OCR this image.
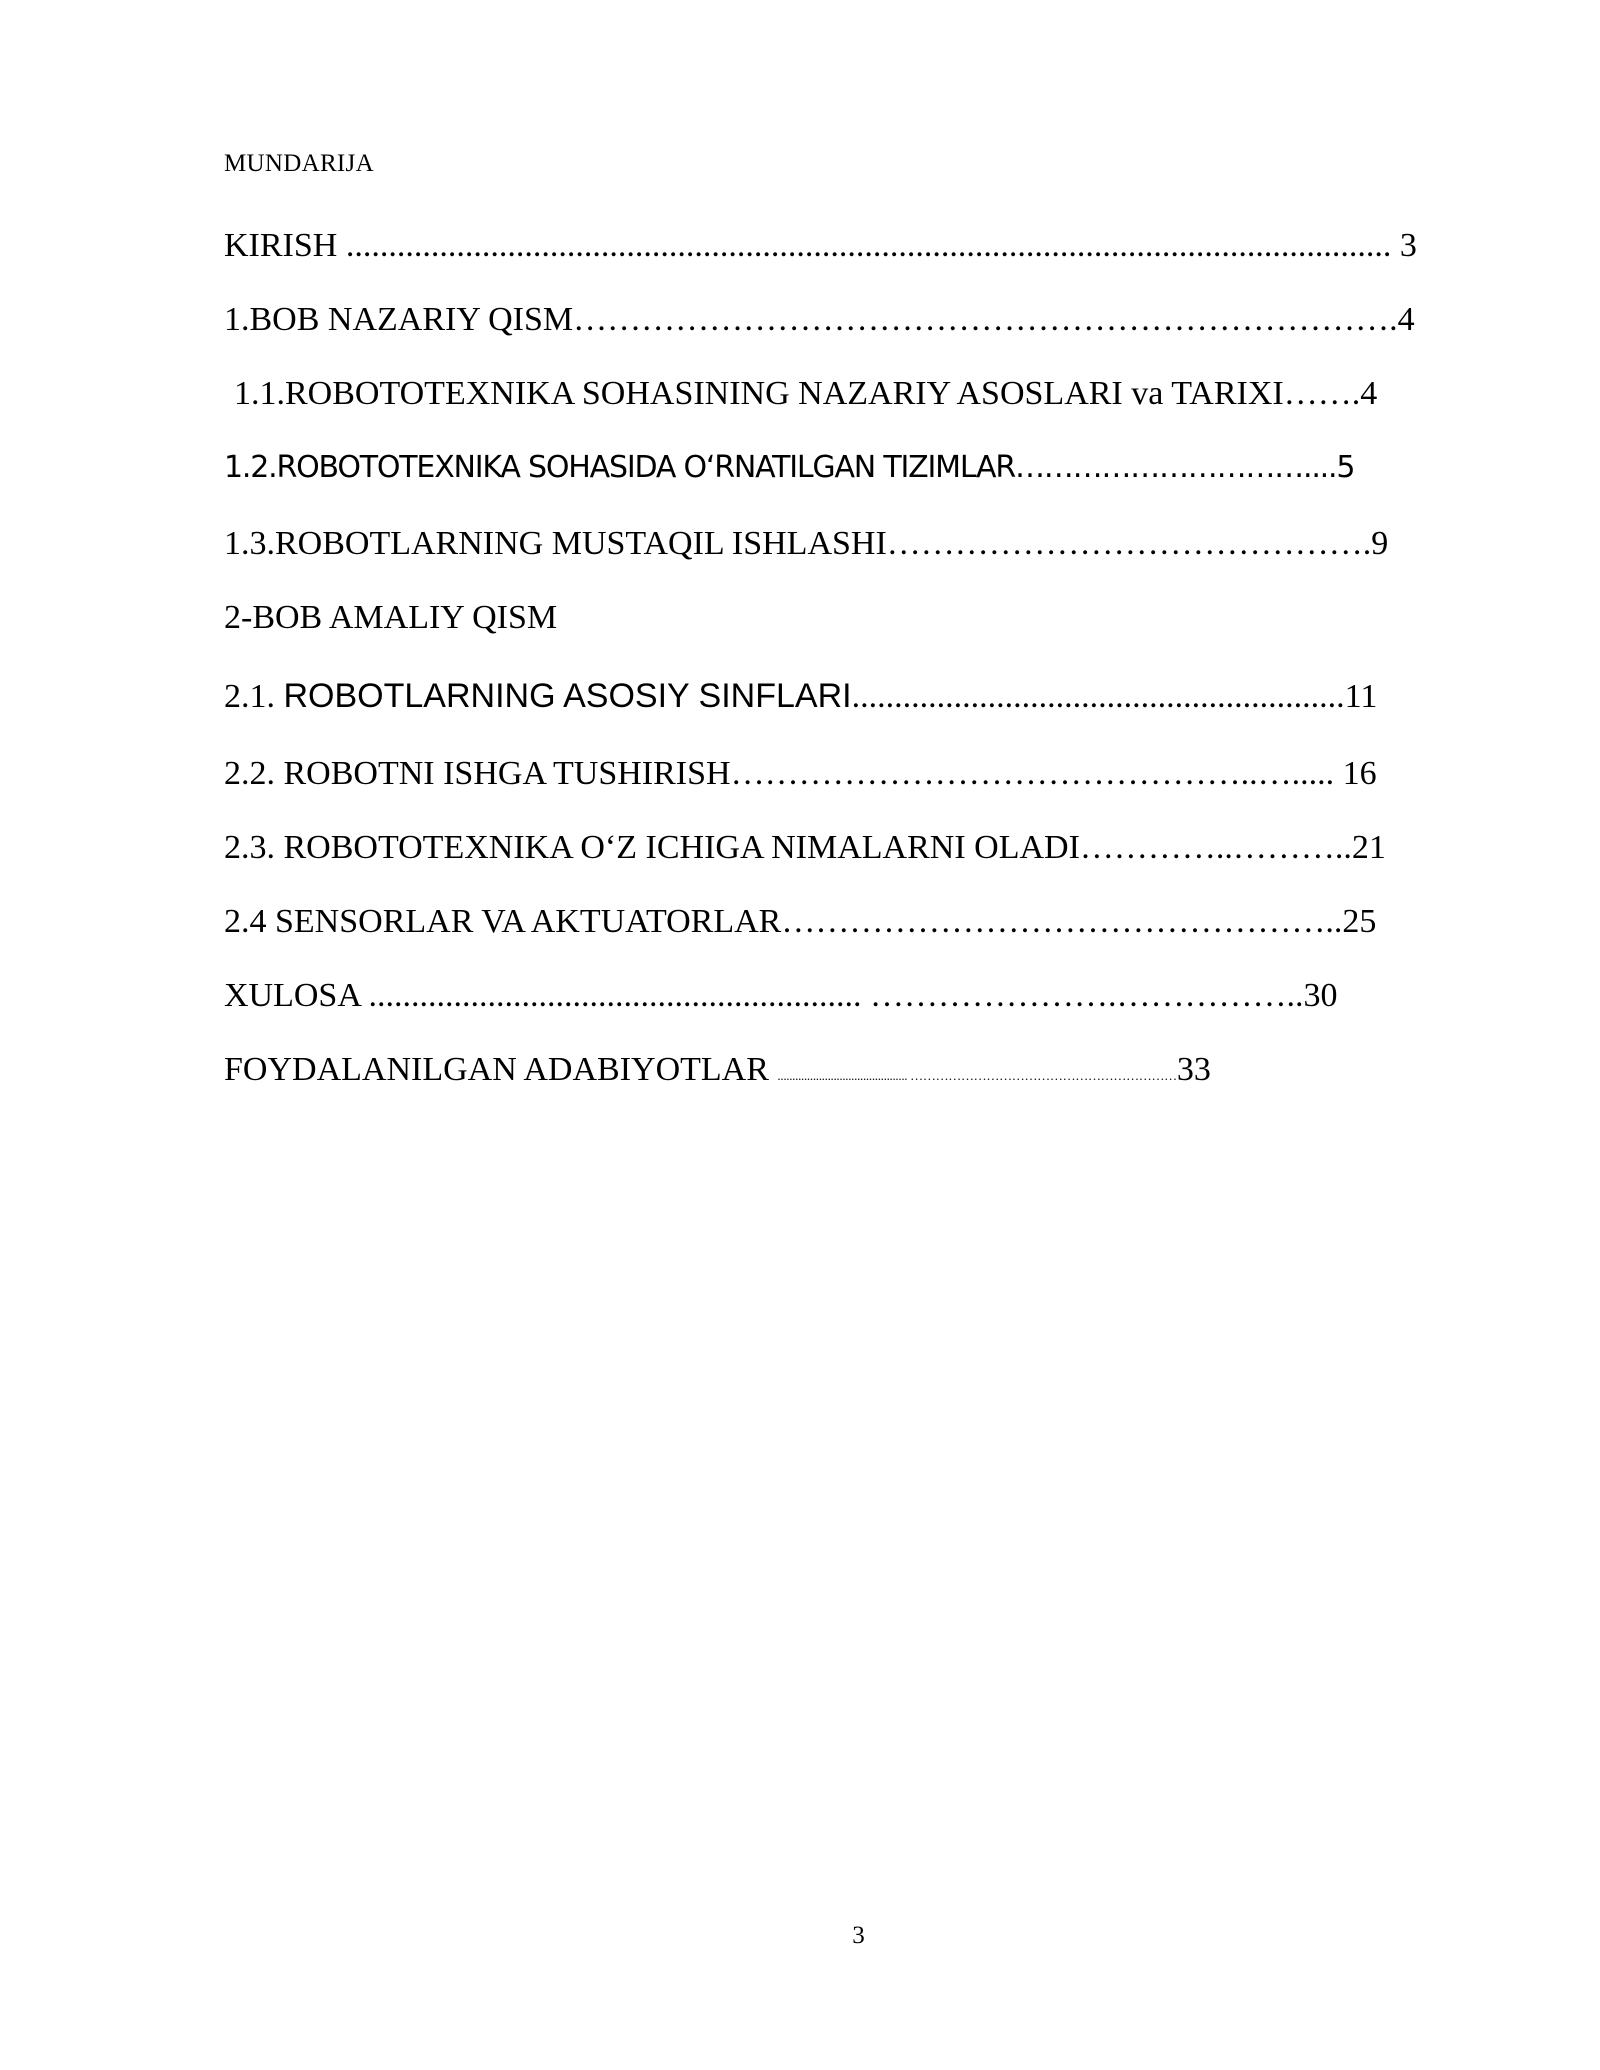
MUNDARIJA
KIRISH ........................................................................................................................... 3
1.BOB NAZARIY QISM……………………………………………………………….4
1.1.ROBOTOTEXNIKA SOHASINING NAZARIY ASOSLARI va TARIXI…….4
1.2.ROBOTOTEXNIKA SOHASIDA O‘RNATILGAN TIZIMLAR…………………………....5
1.3.ROBOTLARNING MUSTAQIL ISHLASHI…………………………………….9
2-BOB AMALIY QISM
2.1. ROBOTLARNING ASOSIY SINFLARI..........................................................11
2.2. ROBOTNI ISHGA TUSHIRISH………………………………………..…..... 16
2.3. ROBOTOTEXNIKA O‘Z ICHIGA NIMALARNI OLADI…………..………..21
2.4 SENSORLAR VA AKTUATORLAR…………………………………………..25
XULOSA .......................................................... ………………….……………..30
FOYDALANILGAN ADABIYOTLAR ............................................ ………………………………………………………33
3
